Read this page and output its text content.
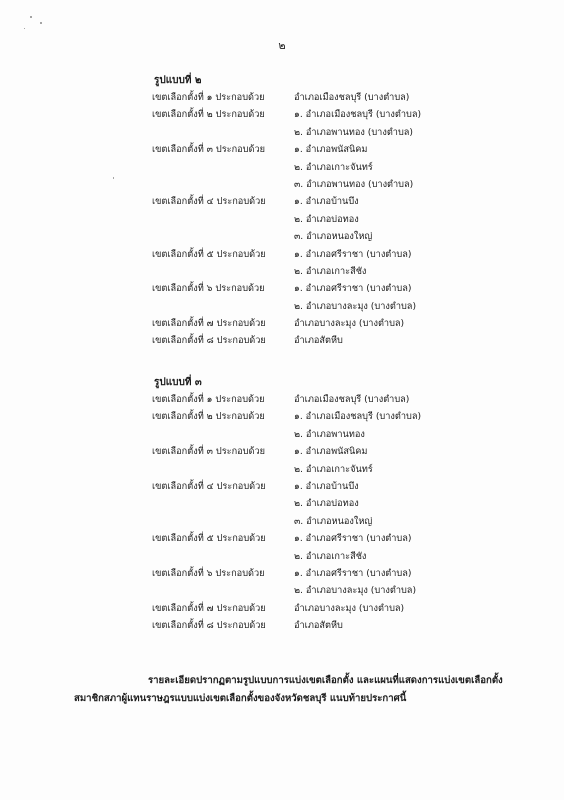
๒
รูปแบบที่ ๒
เขตเลือกตั้งที่ ๑ ประกอบด้วย	อำเภอเมืองชลบุรี (บางตำบล)
เขตเลือกตั้งที่ ๒ ประกอบด้วย	๑. อำเภอเมืองชลบุรี (บางตำบล)
๒. อำเภอพานทอง (บางตำบล)
เขตเลือกตั้งที่ ๓ ประกอบด้วย	๑. อำเภอพนัสนิคม
๒. อำเภอเกาะจันทร์
๓. อำเภอพานทอง (บางตำบล)
เขตเลือกตั้งที่ ๔ ประกอบด้วย	๑. อำเภอบ้านบึง
๒. อำเภอบ่อทอง
๓. อำเภอหนองใหญ่
เขตเลือกตั้งที่ ๕ ประกอบด้วย	๑. อำเภอศรีราชา (บางตำบล)
๒. อำเภอเกาะสีชัง
เขตเลือกตั้งที่ ๖ ประกอบด้วย	๑. อำเภอศรีราชา (บางตำบล)
๒. อำเภอบางละมุง (บางตำบล)
เขตเลือกตั้งที่ ๗ ประกอบด้วย	อำเภอบางละมุง (บางตำบล)
เขตเลือกตั้งที่ ๘ ประกอบด้วย	อำเภอสัตหีบ
รูปแบบที่ ๓
เขตเลือกตั้งที่ ๑ ประกอบด้วย	อำเภอเมืองชลบุรี (บางตำบล)
เขตเลือกตั้งที่ ๒ ประกอบด้วย	๑. อำเภอเมืองชลบุรี (บางตำบล)
๒. อำเภอพานทอง
เขตเลือกตั้งที่ ๓ ประกอบด้วย	๑. อำเภอพนัสนิคม
๒. อำเภอเกาะจันทร์
เขตเลือกตั้งที่ ๔ ประกอบด้วย	๑. อำเภอบ้านบึง
๒. อำเภอบ่อทอง
๓. อำเภอหนองใหญ่
เขตเลือกตั้งที่ ๕ ประกอบด้วย	๑. อำเภอศรีราชา (บางตำบล)
๒. อำเภอเกาะสีชัง
เขตเลือกตั้งที่ ๖ ประกอบด้วย	๑. อำเภอศรีราชา (บางตำบล)
๒. อำเภอบางละมุง (บางตำบล)
เขตเลือกตั้งที่ ๗ ประกอบด้วย	อำเภอบางละมุง (บางตำบล)
เขตเลือกตั้งที่ ๘ ประกอบด้วย	อำเภอสัตหีบ
รายละเอียดปรากฏตามรูปแบบการแบ่งเขตเลือกตั้ง และแผนที่แสดงการแบ่งเขตเลือกตั้ง
สมาชิกสภาผู้แทนราษฎรแบบแบ่งเขตเลือกตั้งของจังหวัดชลบุรี แนบท้ายประกาศนี้
